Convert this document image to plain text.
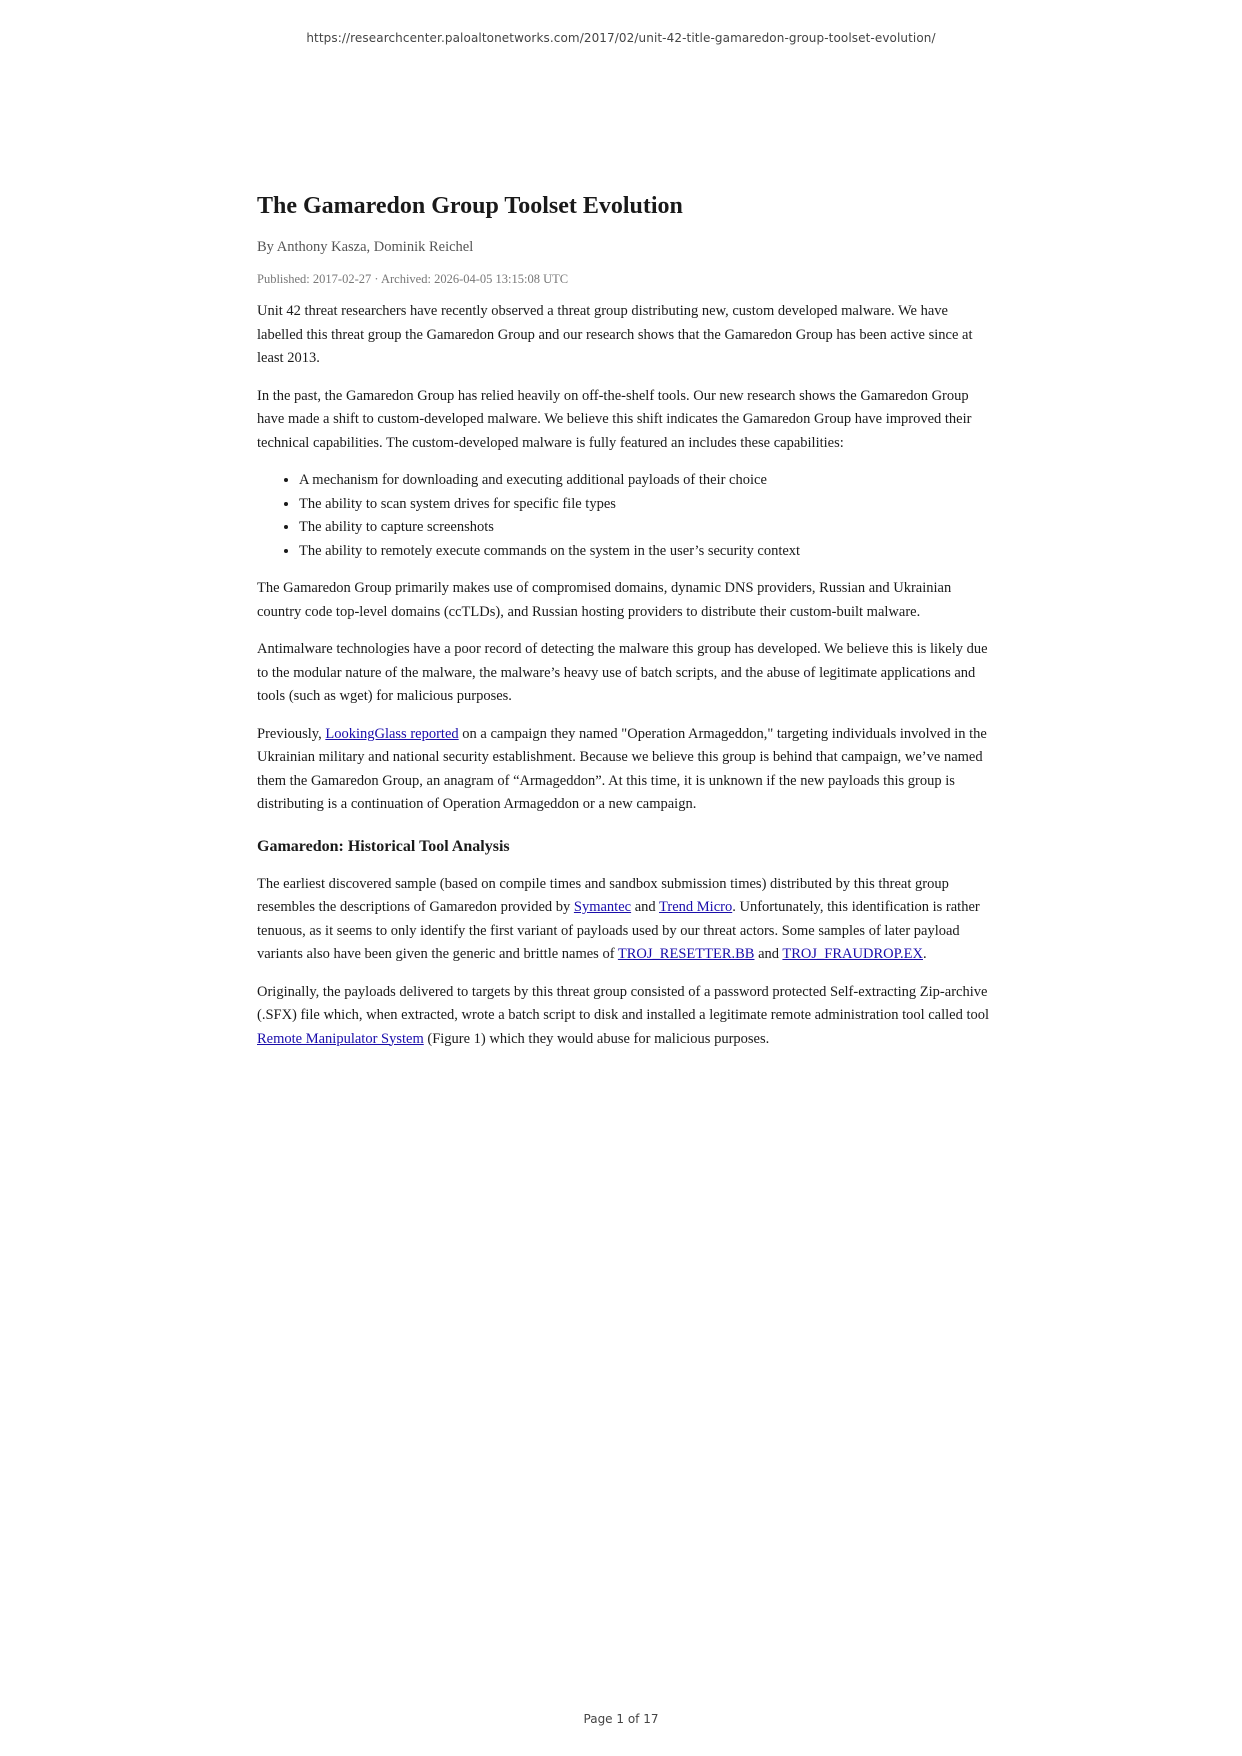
https://researchcenter.paloaltonetworks.com/2017/02/unit-42-title-gamaredon-group-toolset-evolution/
The Gamaredon Group Toolset Evolution
By Anthony Kasza, Dominik Reichel
Published: 2017-02-27 · Archived: 2026-04-05 13:15:08 UTC

Unit 42 threat researchers have recently observed a threat group distributing new, custom developed malware. We have labelled this threat group the Gamaredon Group and our research shows that the Gamaredon Group has been active since at least 2013.

In the past, the Gamaredon Group has relied heavily on off-the-shelf tools. Our new research shows the Gamaredon Group have made a shift to custom-developed malware. We believe this shift indicates the Gamaredon Group have improved their technical capabilities. The custom-developed malware is fully featured an includes these capabilities:

• A mechanism for downloading and executing additional payloads of their choice
• The ability to scan system drives for specific file types
• The ability to capture screenshots
• The ability to remotely execute commands on the system in the user’s security context

The Gamaredon Group primarily makes use of compromised domains, dynamic DNS providers, Russian and Ukrainian country code top-level domains (ccTLDs), and Russian hosting providers to distribute their custom-built malware.

Antimalware technologies have a poor record of detecting the malware this group has developed. We believe this is likely due to the modular nature of the malware, the malware’s heavy use of batch scripts, and the abuse of legitimate applications and tools (such as wget) for malicious purposes.

Previously, LookingGlass reported on a campaign they named "Operation Armageddon," targeting individuals involved in the Ukrainian military and national security establishment. Because we believe this group is behind that campaign, we’ve named them the Gamaredon Group, an anagram of “Armageddon”. At this time, it is unknown if the new payloads this group is distributing is a continuation of Operation Armageddon or a new campaign.

Gamaredon: Historical Tool Analysis

The earliest discovered sample (based on compile times and sandbox submission times) distributed by this threat group resembles the descriptions of Gamaredon provided by Symantec and Trend Micro. Unfortunately, this identification is rather tenuous, as it seems to only identify the first variant of payloads used by our threat actors. Some samples of later payload variants also have been given the generic and brittle names of TROJ_RESETTER.BB and TROJ_FRAUDROP.EX.

Originally, the payloads delivered to targets by this threat group consisted of a password protected Self-extracting Zip-archive (.SFX) file which, when extracted, wrote a batch script to disk and installed a legitimate remote administration tool called tool Remote Manipulator System (Figure 1) which they would abuse for malicious purposes.

Page 1 of 17
